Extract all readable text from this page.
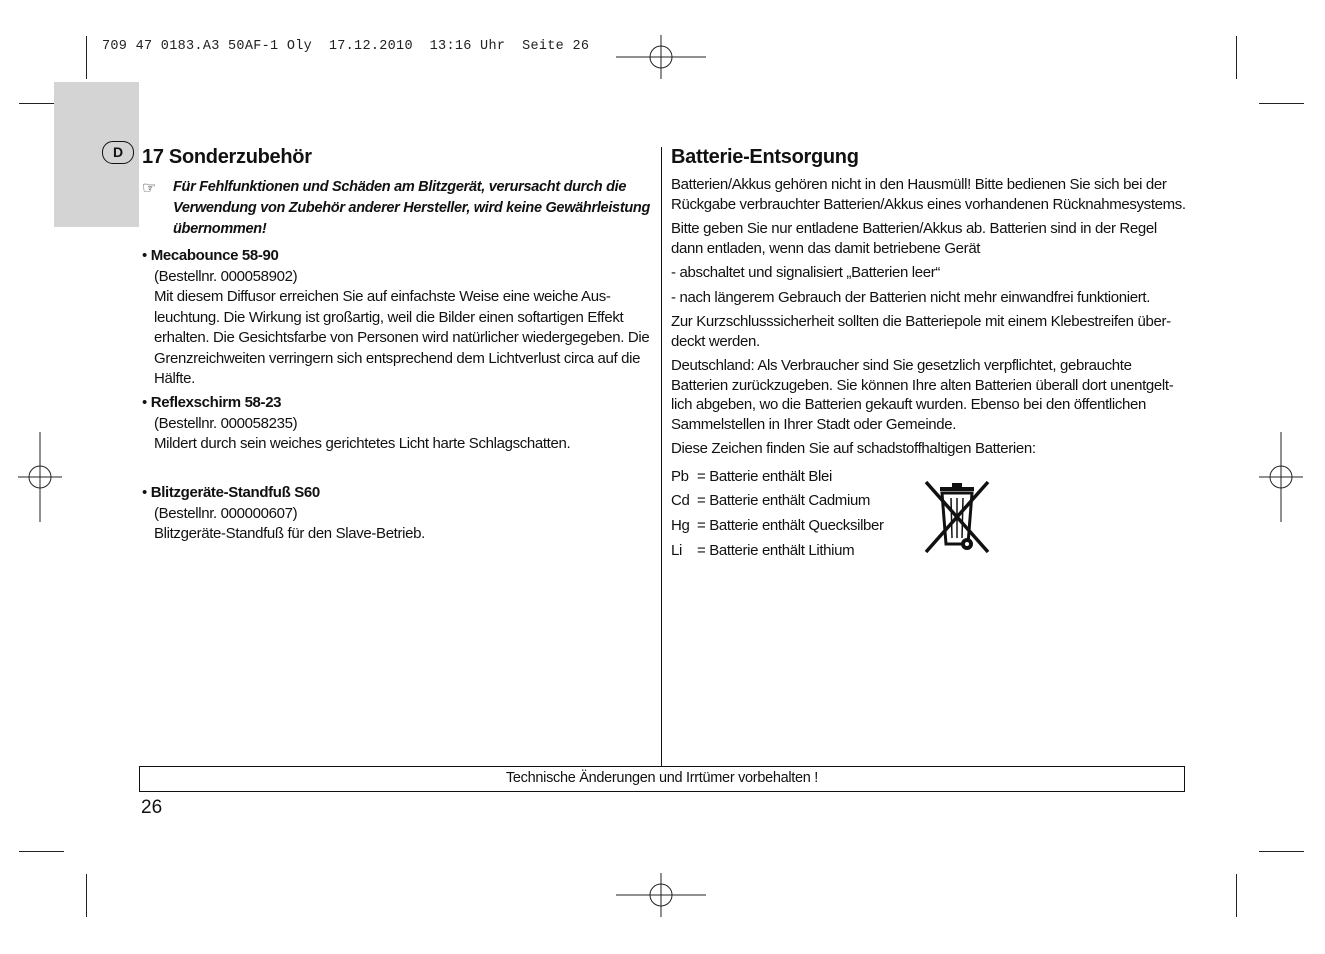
709 47 0183.A3 50AF-1 Oly  17.12.2010  13:16 Uhr  Seite 26
D 17 Sonderzubehör
☞ Für Fehlfunktionen und Schäden am Blitzgerät, verursacht durch die Verwendung von Zubehör anderer Hersteller, wird keine Gewährleistung übernommen!
• Mecabounce 58-90
(Bestellnr. 000058902)
Mit diesem Diffusor erreichen Sie auf einfachste Weise eine weiche Aus-leuchtung. Die Wirkung ist großartig, weil die Bilder einen softartigen Effekt erhalten. Die Gesichtsfarbe von Personen wird natürlicher wiedergegeben. Die Grenzreichweiten verringern sich entsprechend dem Lichtverlust circa auf die Hälfte.
• Reflexschirm 58-23
(Bestellnr. 000058235)
Mildert durch sein weiches gerichtetes Licht harte Schlagschatten.
• Blitzgeräte-Standfuß S60
(Bestellnr. 000000607)
Blitzgeräte-Standfuß für den Slave-Betrieb.
Batterie-Entsorgung

Batterien/Akkus gehören nicht in den Hausmüll! Bitte bedienen Sie sich bei der Rückgabe verbrauchter Batterien/Akkus eines vorhandenen Rücknahmesystems.

Bitte geben Sie nur entladene Batterien/Akkus ab. Batterien sind in der Regel dann entladen, wenn das damit betriebene Gerät

- abschaltet und signalisiert „Batterien leer“

- nach längerem Gebrauch der Batterien nicht mehr einwandfrei funktioniert.

Zur Kurzschlusssicherheit sollten die Batteriepole mit einem Klebestreifen über-deckt werden.

Deutschland: Als Verbraucher sind Sie gesetzlich verpflichtet, gebrauchte Batterien zurückzugeben. Sie können Ihre alten Batterien überall dort unentgelt-lich abgeben, wo die Batterien gekauft wurden. Ebenso bei den öffentlichen Sammelstellen in Ihrer Stadt oder Gemeinde.

Diese Zeichen finden Sie auf schadstoffhaltigen Batterien:

Pb = Batterie enthält Blei
Cd = Batterie enthält Cadmium
Hg = Batterie enthält Quecksilber
Li = Batterie enthält Lithium
Technische Änderungen und Irrtümer vorbehalten !
26
